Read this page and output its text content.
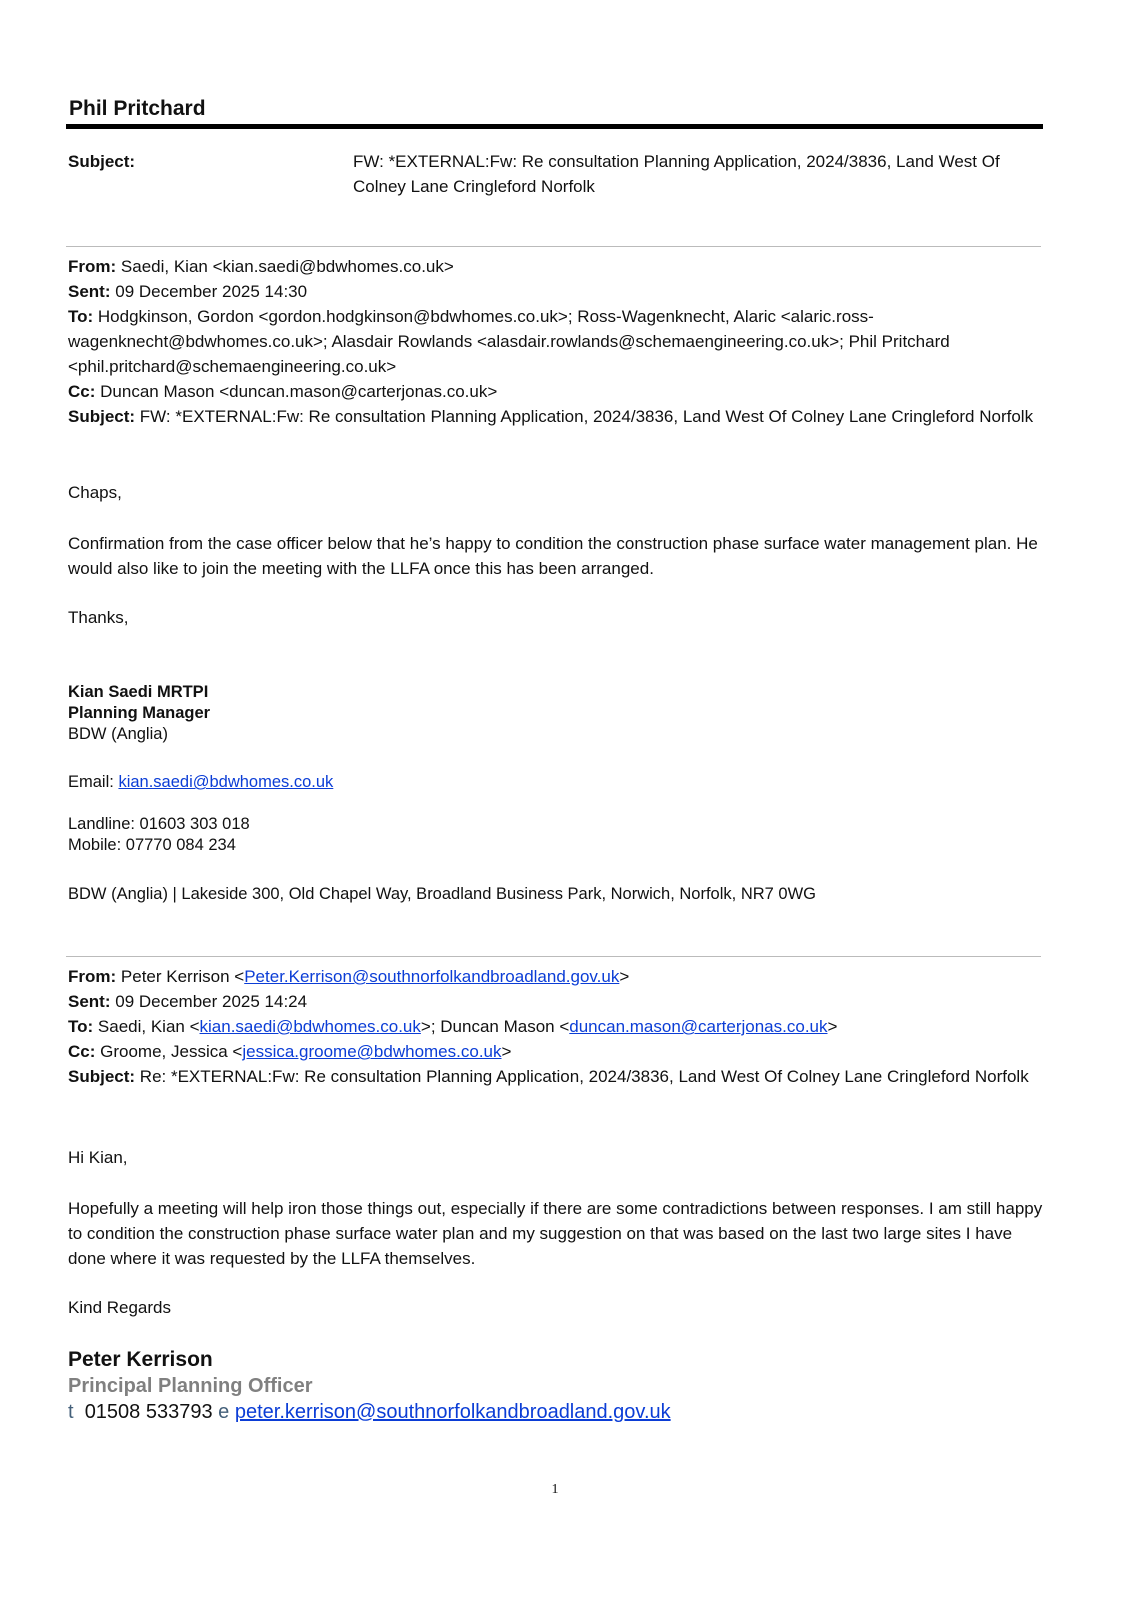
Phil Pritchard
Subject:	FW: *EXTERNAL:Fw: Re consultation Planning Application, 2024/3836, Land West Of Colney Lane Cringleford Norfolk
From: Saedi, Kian <kian.saedi@bdwhomes.co.uk>
Sent: 09 December 2025 14:30
To: Hodgkinson, Gordon <gordon.hodgkinson@bdwhomes.co.uk>; Ross-Wagenknecht, Alaric <alaric.ross-wagenknecht@bdwhomes.co.uk>; Alasdair Rowlands <alasdair.rowlands@schemaengineering.co.uk>; Phil Pritchard <phil.pritchard@schemaengineering.co.uk>
Cc: Duncan Mason <duncan.mason@carterjonas.co.uk>
Subject: FW: *EXTERNAL:Fw: Re consultation Planning Application, 2024/3836, Land West Of Colney Lane Cringleford Norfolk
Chaps,
Confirmation from the case officer below that he’s happy to condition the construction phase surface water management plan. He would also like to join the meeting with the LLFA once this has been arranged.
Thanks,
Kian Saedi MRTPI
Planning Manager
BDW (Anglia)
Email: kian.saedi@bdwhomes.co.uk
Landline: 01603 303 018
Mobile: 07770 084 234
BDW (Anglia) | Lakeside 300, Old Chapel Way, Broadland Business Park, Norwich, Norfolk, NR7 0WG
From: Peter Kerrison <Peter.Kerrison@southnorfolkandbroadland.gov.uk>
Sent: 09 December 2025 14:24
To: Saedi, Kian <kian.saedi@bdwhomes.co.uk>; Duncan Mason <duncan.mason@carterjonas.co.uk>
Cc: Groome, Jessica <jessica.groome@bdwhomes.co.uk>
Subject: Re: *EXTERNAL:Fw: Re consultation Planning Application, 2024/3836, Land West Of Colney Lane Cringleford Norfolk
Hi Kian,
Hopefully a meeting will help iron those things out, especially if there are some contradictions between responses. I am still happy to condition the construction phase surface water plan and my suggestion on that was based on the last two large sites I have done where it was requested by the LLFA themselves.
Kind Regards
Peter Kerrison
Principal Planning Officer
t 01508 533793 e peter.kerrison@southnorfolkandbroadland.gov.uk
1
